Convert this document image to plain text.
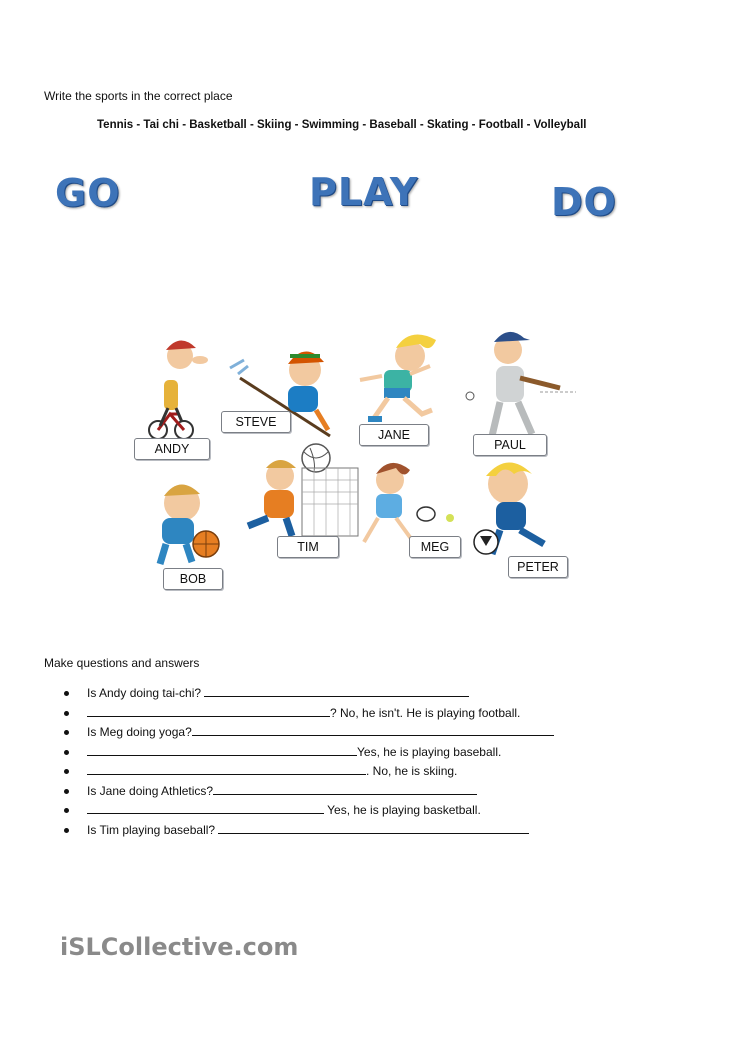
Write the sports in the correct place
Tennis - Tai chi - Basketball - Skiing - Swimming - Baseball - Skating - Football - Volleyball
GO	PLAY	DO
ANDY
STEVE
JANE
PAUL
BOB
TIM	MEG
PETER
Make questions and answers
Is Andy doing tai-chi?
? No, he isn't. He is playing football.
Is Meg doing yoga?
Yes, he is playing baseball.
. No, he is skiing.
Is Jane doing Athletics?
Yes, he is playing basketball.
Is Tim playing baseball?
iSLCollective.com
